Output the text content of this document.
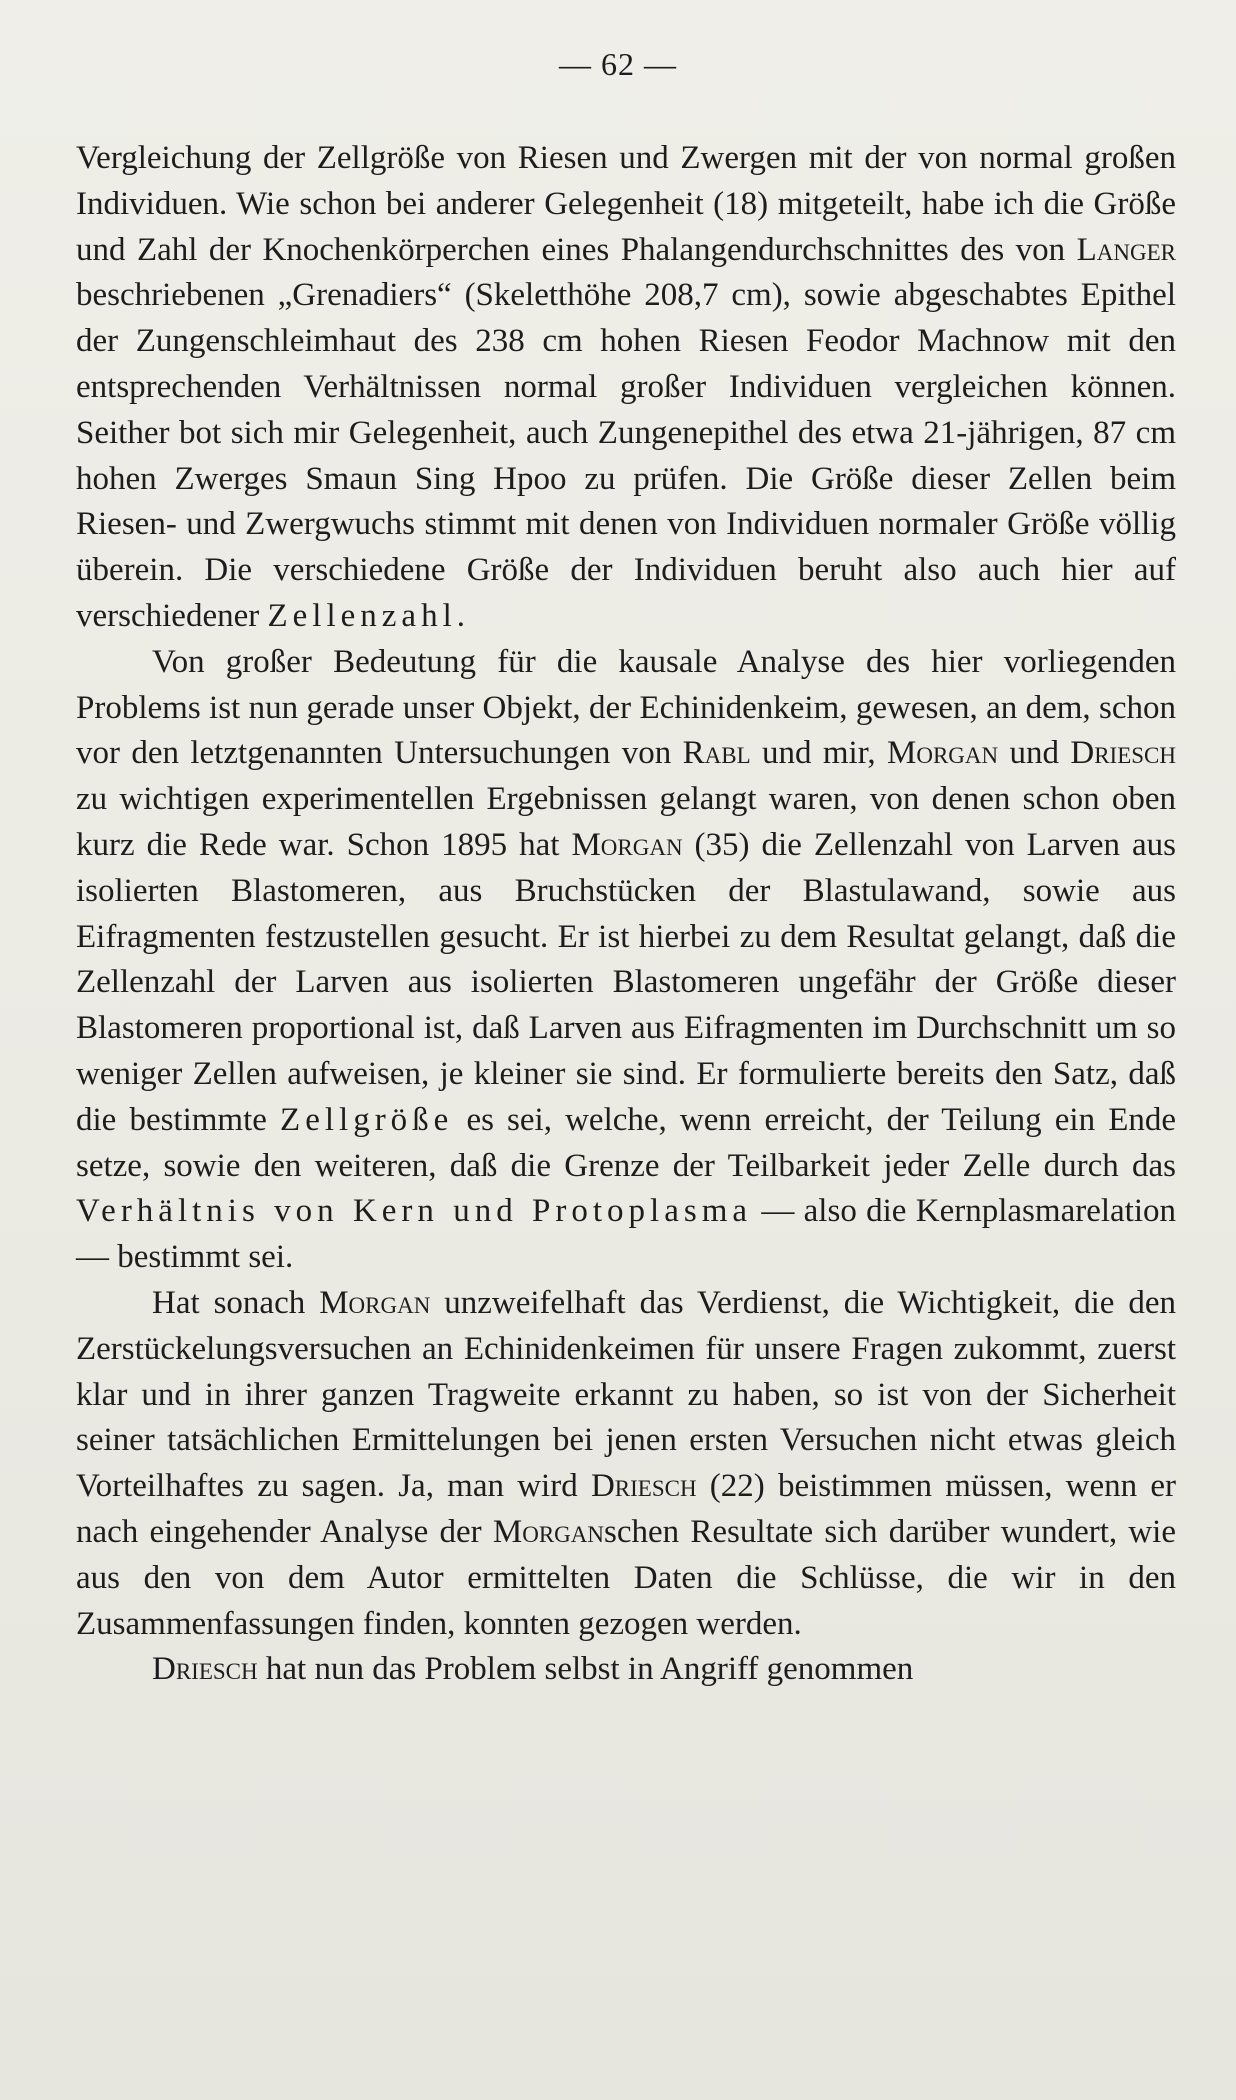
— 62 —

Vergleichung der Zellgröße von Riesen und Zwergen mit der von normal großen Individuen. Wie schon bei anderer Gelegenheit (18) mitgeteilt, habe ich die Größe und Zahl der Knochenkörperchen eines Phalangendurchschnittes des von Langer beschriebenen „Grenadiers“ (Skeletthöhe 208,7 cm), sowie abgeschabtes Epithel der Zungenschleimhaut des 238 cm hohen Riesen Feodor Machnow mit den entsprechenden Verhältnissen normal großer Individuen vergleichen können. Seither bot sich mir Gelegenheit, auch Zungenepithel des etwa 21-jährigen, 87 cm hohen Zwerges Smaun Sing Hpoo zu prüfen. Die Größe dieser Zellen beim Riesen- und Zwergwuchs stimmt mit denen von Individuen normaler Größe völlig überein. Die verschiedene Größe der Individuen beruht also auch hier auf verschiedener Zellenzahl.

Von großer Bedeutung für die kausale Analyse des hier vorliegenden Problems ist nun gerade unser Objekt, der Echinidenkeim, gewesen, an dem, schon vor den letztgenannten Untersuchungen von Rabl und mir, Morgan und Driesch zu wichtigen experimentellen Ergebnissen gelangt waren, von denen schon oben kurz die Rede war. Schon 1895 hat Morgan (35) die Zellenzahl von Larven aus isolierten Blastomeren, aus Bruchstücken der Blastulawand, sowie aus Eifragmenten festzustellen gesucht. Er ist hierbei zu dem Resultat gelangt, daß die Zellenzahl der Larven aus isolierten Blastomeren ungefähr der Größe dieser Blastomeren proportional ist, daß Larven aus Eifragmenten im Durchschnitt um so weniger Zellen aufweisen, je kleiner sie sind. Er formulierte bereits den Satz, daß die bestimmte Zellgröße es sei, welche, wenn erreicht, der Teilung ein Ende setze, sowie den weiteren, daß die Grenze der Teilbarkeit jeder Zelle durch das Verhältnis von Kern und Protoplasma — also die Kernplasmarelation — bestimmt sei.

Hat sonach Morgan unzweifelhaft das Verdienst, die Wichtigkeit, die den Zerstückelungsversuchen an Echinidenkeimen für unsere Fragen zukommt, zuerst klar und in ihrer ganzen Tragweite erkannt zu haben, so ist von der Sicherheit seiner tatsächlichen Ermittelungen bei jenen ersten Versuchen nicht etwas gleich Vorteilhaftes zu sagen. Ja, man wird Driesch (22) beistimmen müssen, wenn er nach eingehender Analyse der Morganschen Resultate sich darüber wundert, wie aus den von dem Autor ermittelten Daten die Schlüsse, die wir in den Zusammenfassungen finden, konnten gezogen werden.

Driesch hat nun das Problem selbst in Angriff genommen
